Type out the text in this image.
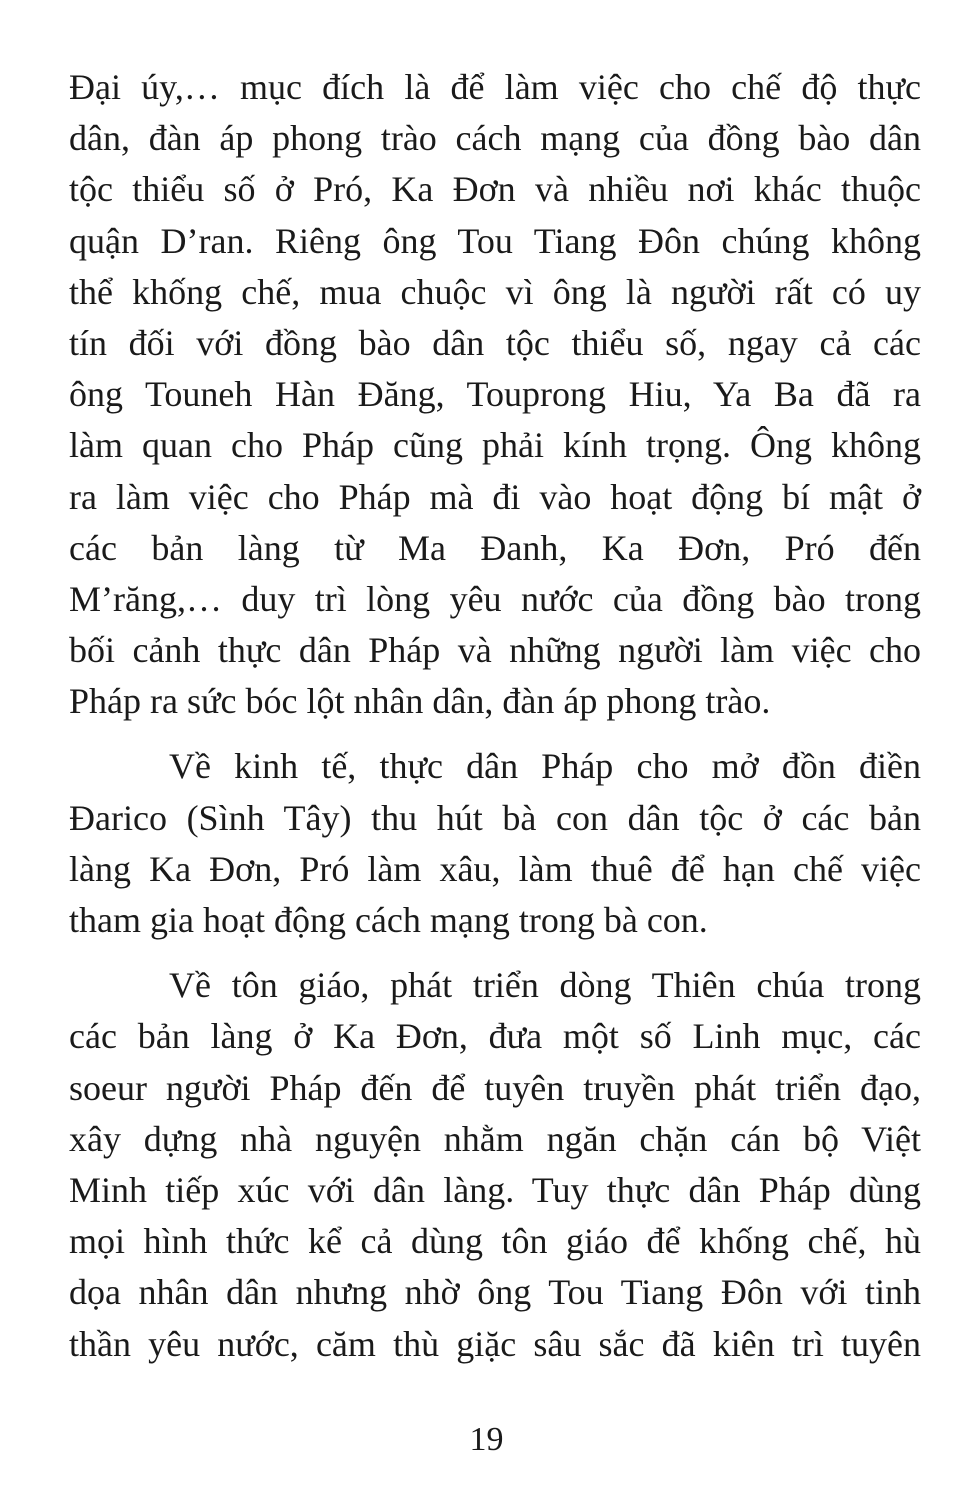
Đại úy,… mục đích là để làm việc cho chế độ thực
dân, đàn áp phong trào cách mạng của đồng bào dân
tộc thiểu số ở Pró, Ka Đơn và nhiều nơi khác thuộc
quận D’ran. Riêng ông Tou Tiang Đôn chúng không
thể khống chế, mua chuộc vì ông là người rất có uy
tín đối với đồng bào dân tộc thiểu số, ngay cả các
ông Touneh Hàn Đăng, Touprong Hiu, Ya Ba đã ra
làm quan cho Pháp cũng phải kính trọng. Ông không
ra làm việc cho Pháp mà đi vào hoạt động bí mật ở
các bản làng từ Ma Đanh, Ka Đơn, Pró đến
M’răng,… duy trì lòng yêu nước của đồng bào trong
bối cảnh thực dân Pháp và những người làm việc cho
Pháp ra sức bóc lột nhân dân, đàn áp phong trào.
Về kinh tế, thực dân Pháp cho mở đồn điền
Đarico (Sình Tây) thu hút bà con dân tộc ở các bản
làng Ka Đơn, Pró làm xâu, làm thuê để hạn chế việc
tham gia hoạt động cách mạng trong bà con.
Về tôn giáo, phát triển dòng Thiên chúa trong
các bản làng ở Ka Đơn, đưa một số Linh mục, các
soeur người Pháp đến để tuyên truyền phát triển đạo,
xây dựng nhà nguyện nhằm ngăn chặn cán bộ Việt
Minh tiếp xúc với dân làng. Tuy thực dân Pháp dùng
mọi hình thức kể cả dùng tôn giáo để khống chế, hù
dọa nhân dân nhưng nhờ ông Tou Tiang Đôn với tinh
thần yêu nước, căm thù giặc sâu sắc đã kiên trì tuyên
19
